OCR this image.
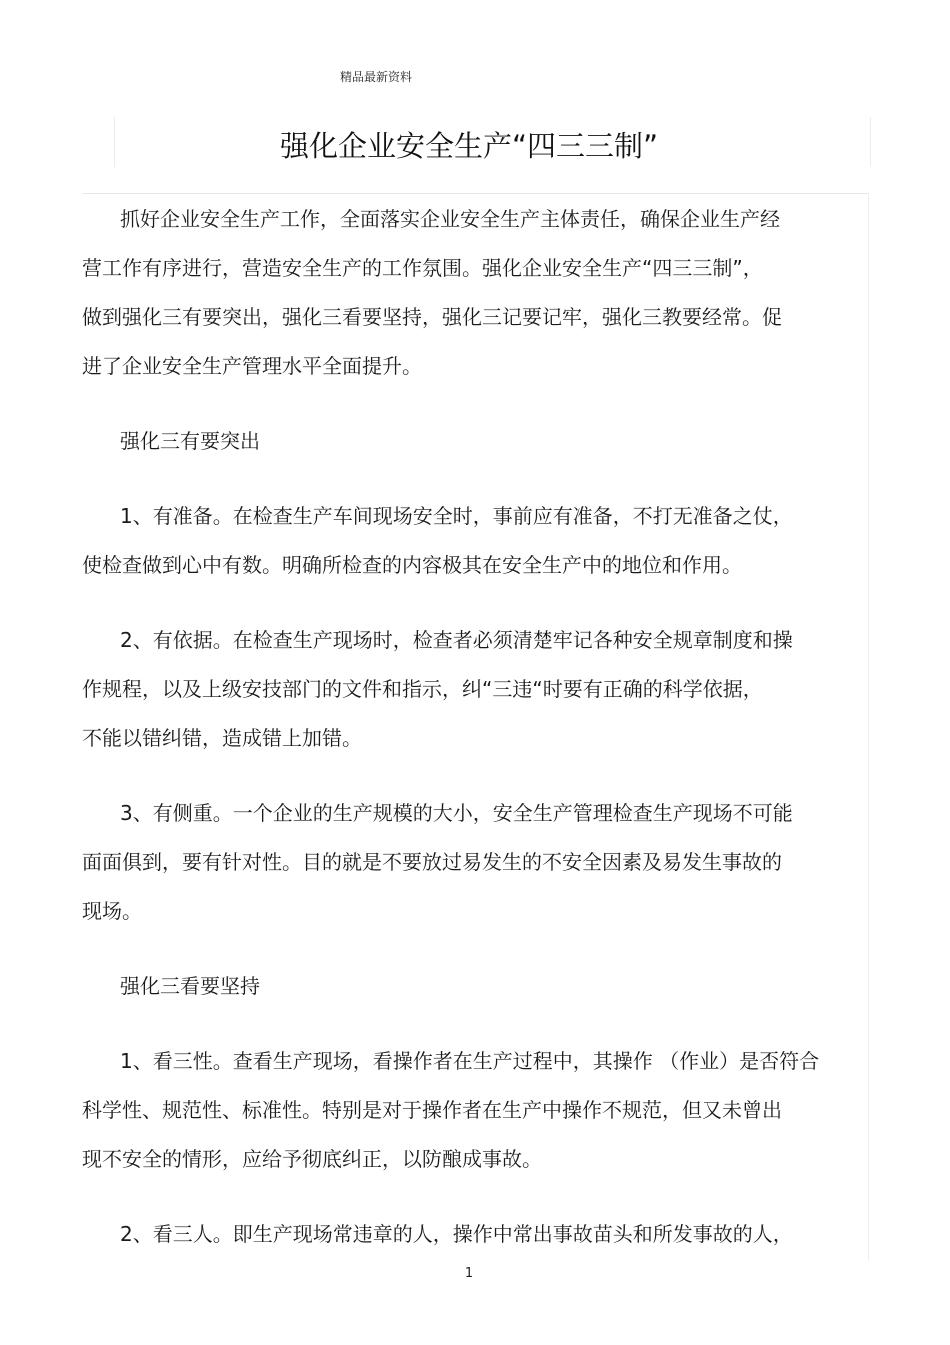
精品最新资料
强化企业安全生产“四三三制”
抓好企业安全生产工作，全面落实企业安全生产主体责任，确保企业生产经
营工作有序进行，营造安全生产的工作氛围。强化企业安全生产“四三三制”，
做到强化三有要突出，强化三看要坚持，强化三记要记牢，强化三教要经常。促
进了企业安全生产管理水平全面提升。
强化三有要突出
1、有准备。在检查生产车间现场安全时，事前应有准备，不打无准备之仗，
使检查做到心中有数。明确所检查的内容极其在安全生产中的地位和作用。
2、有依据。在检查生产现场时，检查者必须清楚牢记各种安全规章制度和操
作规程，以及上级安技部门的文件和指示，纠“三违“时要有正确的科学依据，
不能以错纠错，造成错上加错。
3、有侧重。一个企业的生产规模的大小，安全生产管理检查生产现场不可能
面面俱到，要有针对性。目的就是不要放过易发生的不安全因素及易发生事故的
现场。
强化三看要坚持
1、看三性。查看生产现场，看操作者在生产过程中，其操作 （作业）是否符合
科学性、规范性、标准性。特别是对于操作者在生产中操作不规范，但又未曾出
现不安全的情形，应给予彻底纠正，以防酿成事故。
2、看三人。即生产现场常违章的人，操作中常出事故苗头和所发事故的人，
1
